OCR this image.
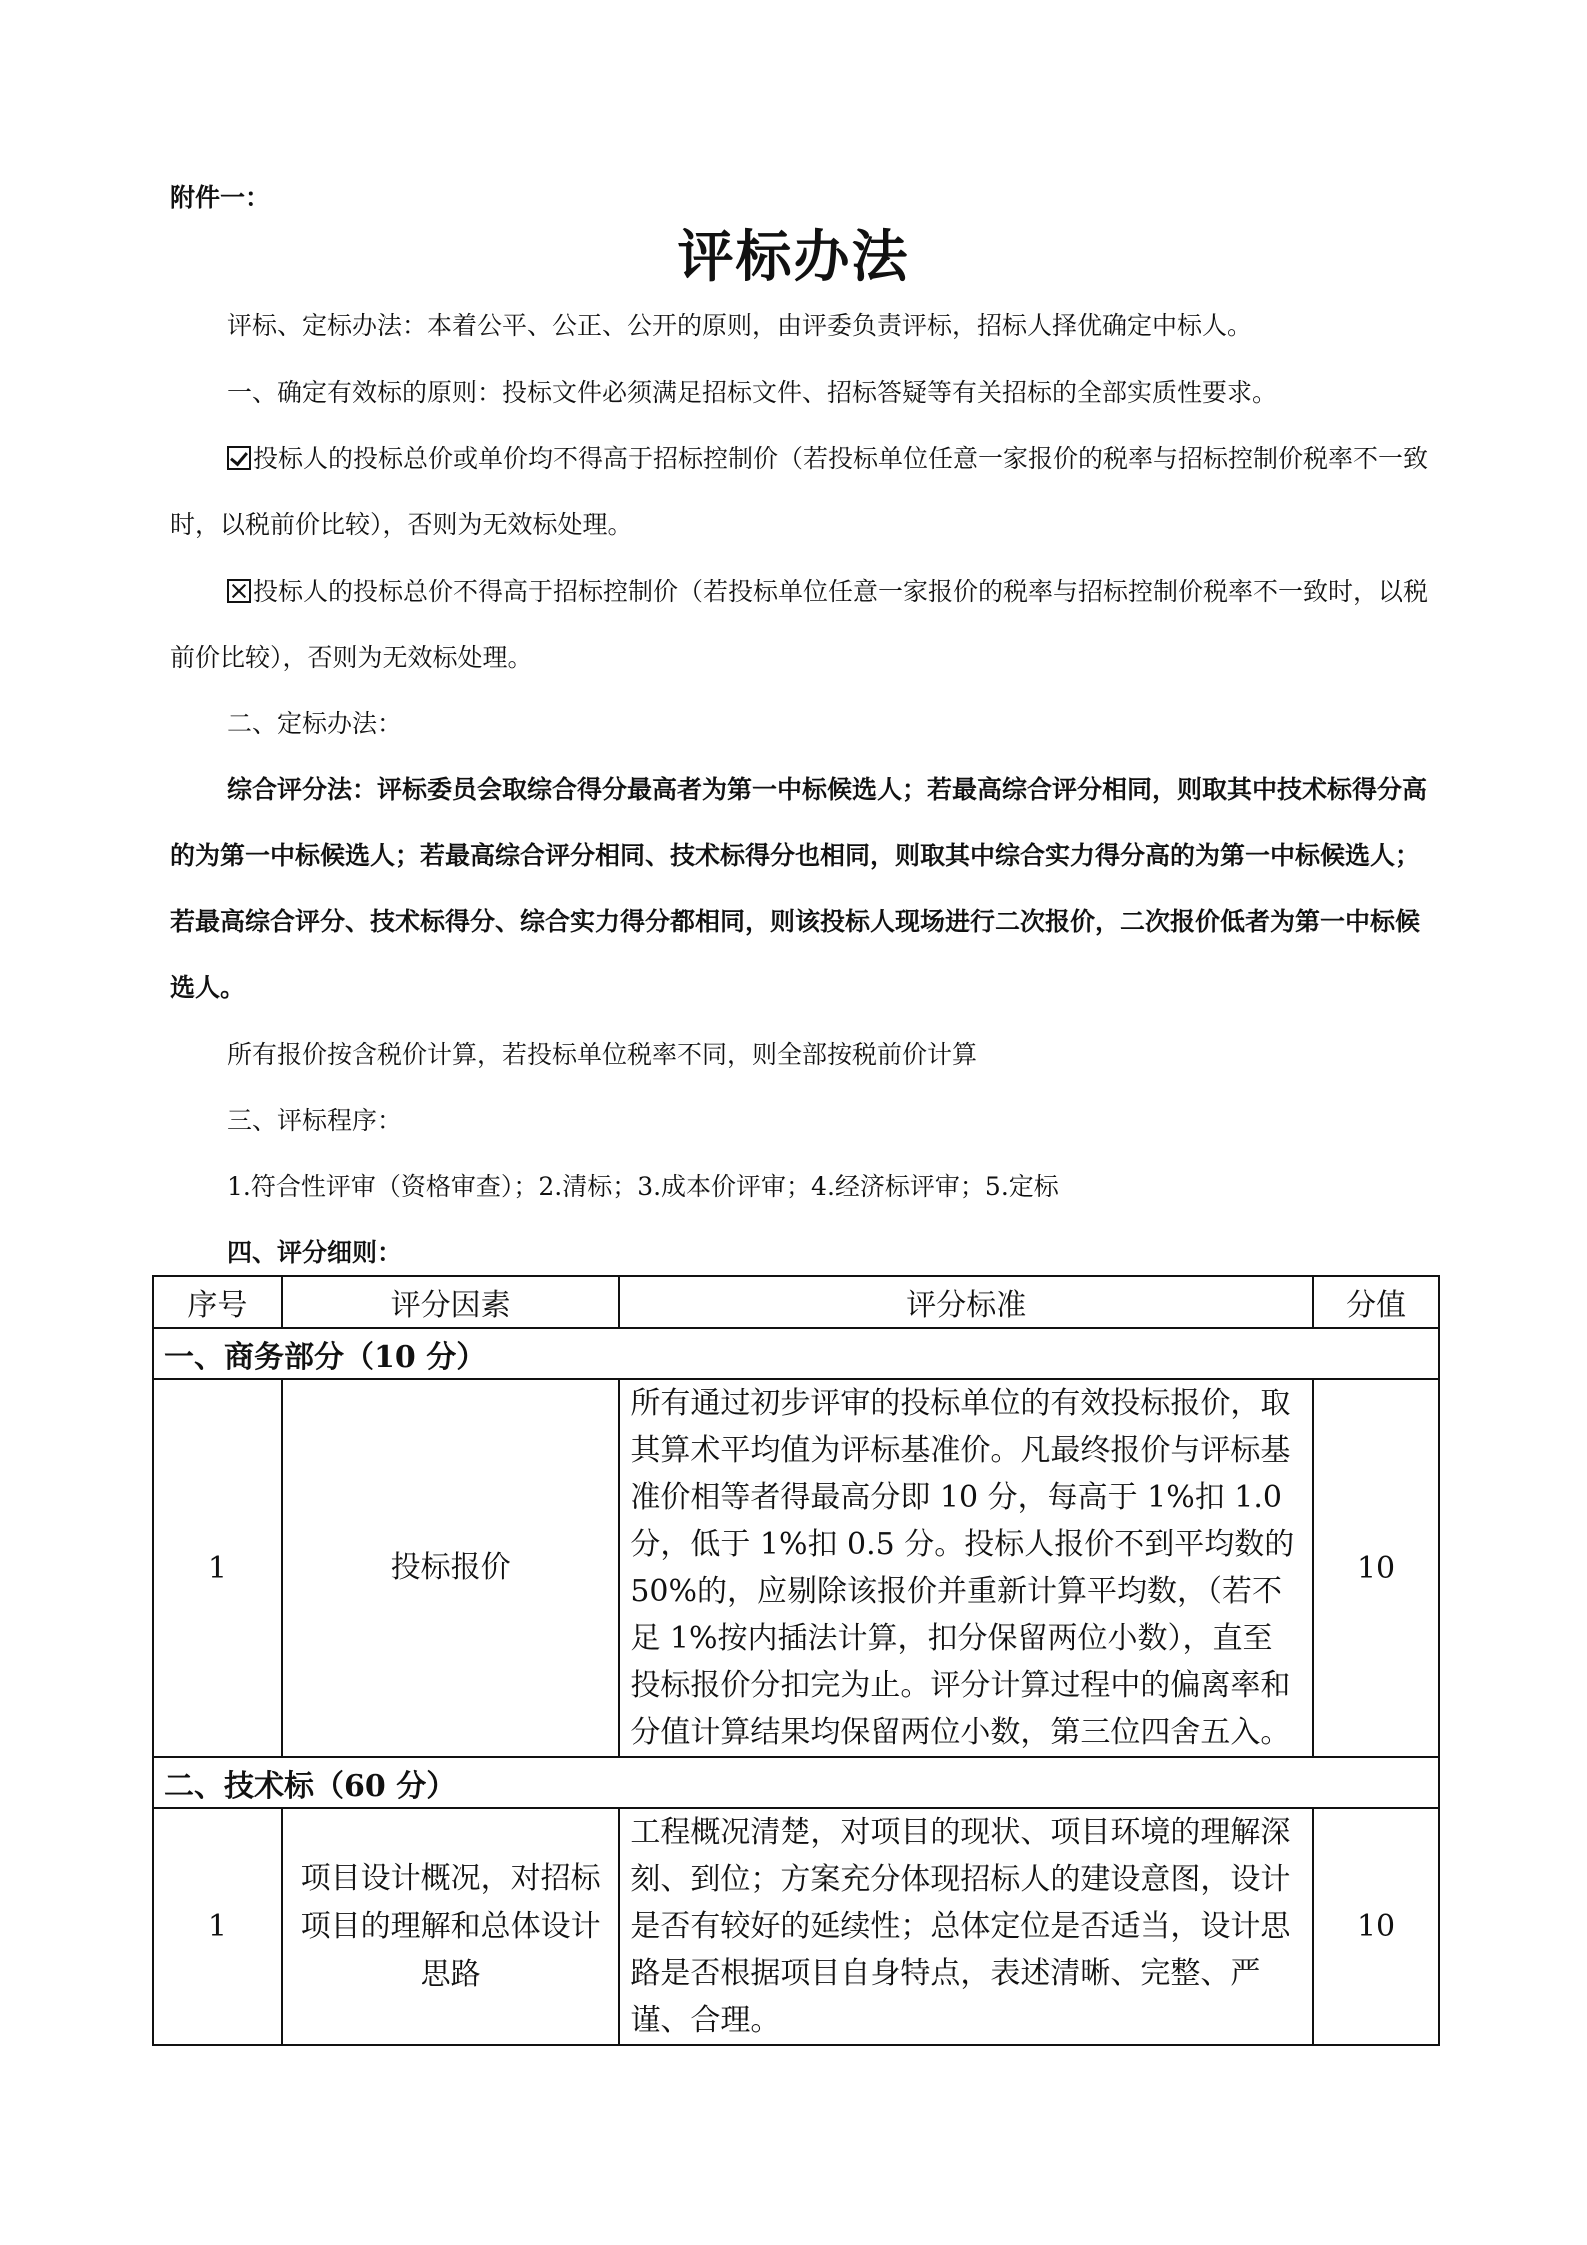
附件一：
评标办法
评标、定标办法：本着公平、公正、公开的原则，由评委负责评标，招标人择优确定中标人。
一、确定有效标的原则：投标文件必须满足招标文件、招标答疑等有关招标的全部实质性要求。
投标人的投标总价或单价均不得高于招标控制价（若投标单位任意一家报价的税率与招标控制价税率不一致时，以税前价比较），否则为无效标处理。
投标人的投标总价不得高于招标控制价（若投标单位任意一家报价的税率与招标控制价税率不一致时，以税前价比较），否则为无效标处理。
二、定标办法：
综合评分法：评标委员会取综合得分最高者为第一中标候选人；若最高综合评分相同，则取其中技术标得分高的为第一中标候选人；若最高综合评分相同、技术标得分也相同，则取其中综合实力得分高的为第一中标候选人；若最高综合评分、技术标得分、综合实力得分都相同，则该投标人现场进行二次报价，二次报价低者为第一中标候选人。
所有报价按含税价计算，若投标单位税率不同，则全部按税前价计算
三、评标程序：
1.符合性评审（资格审查）；2.清标；3.成本价评审；4.经济标评审；5.定标
四、评分细则：
序号	评分因素	评分标准	分值
一、商务部分（10 分）			
1	投标报价	所有通过初步评审的投标单位的有效投标报价，取其算术平均值为评标基准价。凡最终报价与评标基准价相等者得最高分即 10 分，每高于 1%扣 1.0 分，低于 1%扣 0.5 分。投标人报价不到平均数的 50%的，应剔除该报价并重新计算平均数，（若不足 1%按内插法计算，扣分保留两位小数），直至投标报价分扣完为止。评分计算过程中的偏离率和分值计算结果均保留两位小数，第三位四舍五入。	10
二、技术标（60 分）			
1	项目设计概况，对招标项目的理解和总体设计思路	工程概况清楚，对项目的现状、项目环境的理解深刻、到位；方案充分体现招标人的建设意图，设计是否有较好的延续性；总体定位是否适当，设计思路是否根据项目自身特点，表述清晰、完整、严谨、合理。	10
